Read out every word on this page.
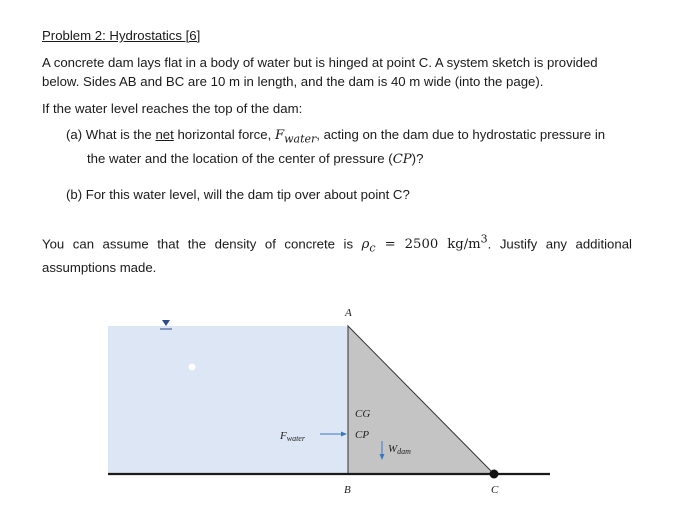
Problem 2: Hydrostatics [6]
A concrete dam lays flat in a body of water but is hinged at point C. A system sketch is provided below. Sides AB and BC are 10 m in length, and the dam is 40 m wide (into the page).
If the water level reaches the top of the dam:
(a) What is the net horizontal force, $F_{water}$, acting on the dam due to hydrostatic pressure in
the water and the location of the center of pressure (CP)?
(b) For this water level, will the dam tip over about point C?
You can assume that the density of concrete is $\rho_c = 2500$ $kg/m^3$. Justify any additional assumptions made.
A
B	C
CG
CP
Fwater
Wdam
